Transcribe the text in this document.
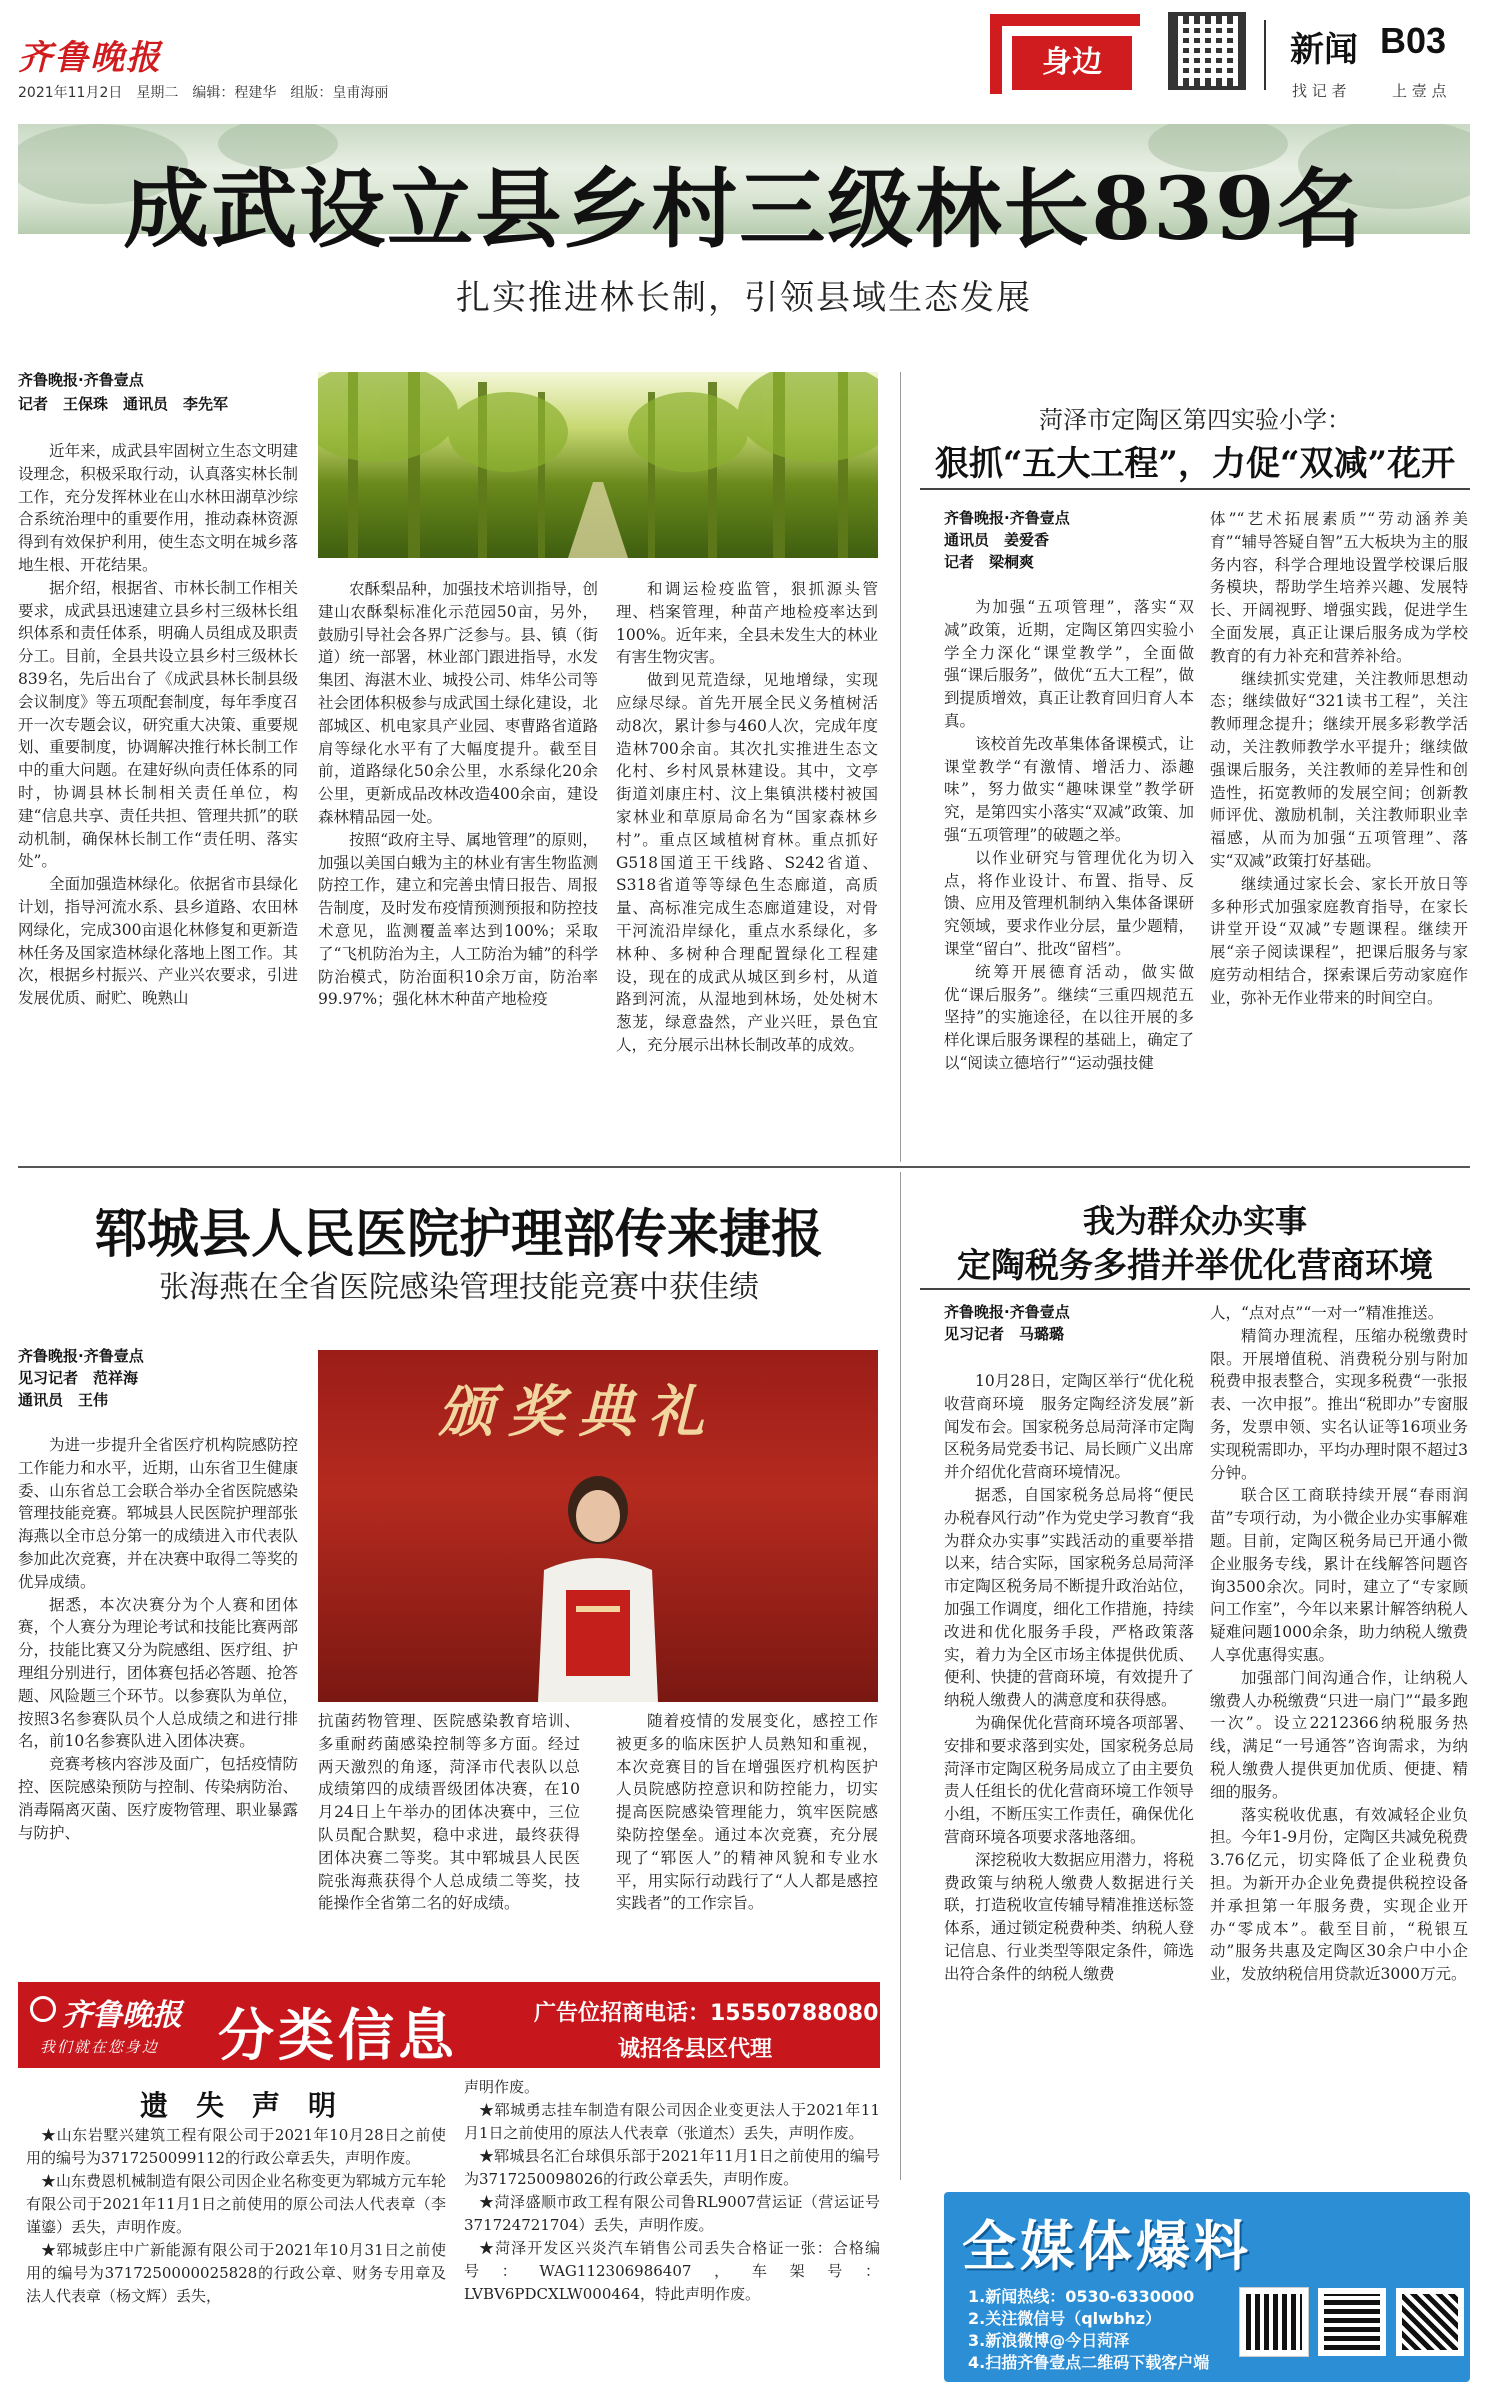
齐鲁晚报
2021年11月2日　星期二　编辑：程建华　组版：皇甫海丽
身边	新闻 B03
找 记 者	上 壹 点
成武设立县乡村三级林长839名
扎实推进林长制，引领县域生态发展
齐鲁晚报·齐鲁壹点
记者　王保珠　通讯员　李先军

近年来，成武县牢固树立生态文明建设理念，积极采取行动，认真落实林长制工作，充分发挥林业在山水林田湖草沙综合系统治理中的重要作用，推动森林资源得到有效保护利用，使生态文明在城乡落地生根、开花结果。

据介绍，根据省、市林长制工作相关要求，成武县迅速建立县乡村三级林长组织体系和责任体系，明确人员组成及职责分工。目前，全县共设立县乡村三级林长839名，先后出台了《成武县林长制县级会议制度》等五项配套制度，每年季度召开一次专题会议，研究重大决策、重要规划、重要制度，协调解决推行林长制工作中的重大问题。在建好纵向责任体系的同时，协调县林长制相关责任单位，构建“信息共享、责任共担、管理共抓”的联动机制，确保林长制工作“责任明、落实处”。

全面加强造林绿化。依据省市县绿化计划，指导河流水系、县乡道路、农田林网绿化，完成300亩退化林修复和更新造林任务及国家造林绿化落地上图工作。其次，根据乡村振兴、产业兴农要求，引进发展优质、耐贮、晚熟山

农酥梨品种，加强技术培训指导，创建山农酥梨标准化示范园50亩，另外，鼓励引导社会各界广泛参与。县、镇（街道）统一部署，林业部门跟进指导，水发集团、海湛木业、城投公司、炜华公司等社会团体积极参与成武国土绿化建设，北部城区、机电家具产业园、枣曹路省道路肩等绿化水平有了大幅度提升。截至目前，道路绿化50余公里，水系绿化20余公里，更新成品改林改造400余亩，建设森林精品园一处。

按照“政府主导、属地管理”的原则，加强以美国白蛾为主的林业有害生物监测防控工作，建立和完善虫情日报告、周报告制度，及时发布疫情预测预报和防控技术意见，监测覆盖率达到100%；采取了“飞机防治为主，人工防治为辅”的科学防治模式，防治面积10余万亩，防治率99.97%；强化林木种苗产地检疫

和调运检疫监管，狠抓源头管理、档案管理，种苗产地检疫率达到100%。近年来，全县未发生大的林业有害生物灾害。

做到见荒造绿，见地增绿，实现应绿尽绿。首先开展全民义务植树活动8次，累计参与460人次，完成年度造林700余亩。其次扎实推进生态文化村、乡村风景林建设。其中，文亭街道刘康庄村、汶上集镇洪楼村被国家林业和草原局命名为“国家森林乡村”。重点区域植树育林。重点抓好G518国道王干线路、S242省道、S318省道等等绿色生态廊道，高质量、高标准完成生态廊道建设，对骨干河流沿岸绿化，重点水系绿化，多林种、多树种合理配置绿化工程建设，现在的成武从城区到乡村，从道路到河流，从湿地到林场，处处树木葱茏，绿意盎然，产业兴旺，景色宜人，充分展示出林长制改革的成效。

菏泽市定陶区第四实验小学：
狠抓“五大工程”，力促“双减”花开
齐鲁晚报·齐鲁壹点
通讯员　姜爱香
记者　梁桐爽

为加强“五项管理”，落实“双减”政策，近期，定陶区第四实验小学全力深化“课堂教学”，全面做强“课后服务”，做优“五大工程”，做到提质增效，真正让教育回归育人本真。

该校首先改革集体备课模式，让课堂教学“有激情、增活力、添趣味”，努力做实“趣味课堂”教学研究，是第四实小落实“双减”政策、加强“五项管理”的破题之举。

以作业研究与管理优化为切入点，将作业设计、布置、指导、反馈、应用及管理机制纳入集体备课研究领域，要求作业分层，量少题精，课堂“留白”、批改“留档”。

统筹开展德育活动，做实做优“课后服务”。继续“三重四规范五坚持”的实施途径，在以往开展的多样化课后服务课程的基础上，确定了以“阅读立德培行”“运动强技健

体”“艺术拓展素质”“劳动涵养美育”“辅导答疑自智”五大板块为主的服务内容，科学合理地设置学校课后服务模块，帮助学生培养兴趣、发展特长、开阔视野、增强实践，促进学生全面发展，真正让课后服务成为学校教育的有力补充和营养补给。

继续抓实党建，关注教师思想动态；继续做好“321读书工程”，关注教师理念提升；继续开展多彩教学活动，关注教师教学水平提升；继续做强课后服务，关注教师的差异性和创造性，拓宽教师的发展空间；创新教师评优、激励机制，关注教师职业幸福感，从而为加强“五项管理”、落实“双减”政策打好基础。

继续通过家长会、家长开放日等多种形式加强家庭教育指导，在家长讲堂开设“双减”专题课程。继续开展“亲子阅读课程”，把课后服务与家庭劳动相结合，探索课后劳动家庭作业，弥补无作业带来的时间空白。

郓城县人民医院护理部传来捷报
张海燕在全省医院感染管理技能竞赛中获佳绩
齐鲁晚报·齐鲁壹点
见习记者　范祥海
通讯员　王伟	颁奖典礼

为进一步提升全省医疗机构院感防控工作能力和水平，近期，山东省卫生健康委、山东省总工会联合举办全省医院感染管理技能竞赛。郓城县人民医院护理部张海燕以全市总分第一的成绩进入市代表队参加此次竞赛，并在决赛中取得二等奖的优异成绩。

据悉，本次决赛分为个人赛和团体赛，个人赛分为理论考试和技能比赛两部分，技能比赛又分为院感组、医疗组、护理组分别进行，团体赛包括必答题、抢答题、风险题三个环节。以参赛队为单位，按照3名参赛队员个人总成绩之和进行排名，前10名参赛队进入团体决赛。

竞赛考核内容涉及面广，包括疫情防控、医院感染预防与控制、传染病防治、消毒隔离灭菌、医疗废物管理、职业暴露与防护、

抗菌药物管理、医院感染教育培训、多重耐药菌感染控制等多方面。经过两天激烈的角逐，菏泽市代表队以总成绩第四的成绩晋级团体决赛，在10月24日上午举办的团体决赛中，三位队员配合默契，稳中求进，最终获得团体决赛二等奖。其中郓城县人民医院张海燕获得个人总成绩二等奖，技能操作全省第二名的好成绩。

随着疫情的发展变化，感控工作被更多的临床医护人员熟知和重视，本次竞赛目的旨在增强医疗机构医护人员院感防控意识和防控能力，切实提高医院感染管理能力，筑牢医院感染防控堡垒。通过本次竞赛，充分展现了“郓医人”的精神风貌和专业水平，用实际行动践行了“人人都是感控实践者”的工作宗旨。

我为群众办实事
定陶税务多措并举优化营商环境
齐鲁晚报·齐鲁壹点
见习记者　马璐璐

10月28日，定陶区举行“优化税收营商环境　服务定陶经济发展”新闻发布会。国家税务总局菏泽市定陶区税务局党委书记、局长顾广义出席并介绍优化营商环境情况。

据悉，自国家税务总局将“便民办税春风行动”作为党史学习教育“我为群众办实事”实践活动的重要举措以来，结合实际，国家税务总局菏泽市定陶区税务局不断提升政治站位，加强工作调度，细化工作措施，持续改进和优化服务手段，严格政策落实，着力为全区市场主体提供优质、便利、快捷的营商环境，有效提升了纳税人缴费人的满意度和获得感。

为确保优化营商环境各项部署、安排和要求落到实处，国家税务总局菏泽市定陶区税务局成立了由主要负责人任组长的优化营商环境工作领导小组，不断压实工作责任，确保优化营商环境各项要求落地落细。

深挖税收大数据应用潜力，将税费政策与纳税人缴费人数据进行关联，打造税收宣传辅导精准推送标签体系，通过锁定税费种类、纳税人登记信息、行业类型等限定条件，筛选出符合条件的纳税人缴费

人，“点对点”“一对一”精准推送。

精简办理流程，压缩办税缴费时限。开展增值税、消费税分别与附加税费申报表整合，实现多税费“一张报表、一次申报”。推出“税即办”专窗服务，发票申领、实名认证等16项业务实现税需即办，平均办理时限不超过3分钟。

联合区工商联持续开展“春雨润苗”专项行动，为小微企业办实事解难题。目前，定陶区税务局已开通小微企业服务专线，累计在线解答问题咨询3500余次。同时，建立了“专家顾问工作室”，今年以来累计解答纳税人疑难问题1000余条，助力纳税人缴费人享优惠得实惠。

加强部门间沟通合作，让纳税人缴费人办税缴费“只进一扇门”“最多跑一次”。设立2212366纳税服务热线，满足“一号通答”咨询需求，为纳税人缴费人提供更加优质、便捷、精细的服务。

落实税收优惠，有效减轻企业负担。今年1-9月份，定陶区共减免税费3.76亿元，切实降低了企业税费负担。为新开办企业免费提供税控设备并承担第一年服务费，实现企业开办“零成本”。截至目前，“税银互动”服务共惠及定陶区30余户中小企业，发放纳税信用贷款近3000万元。

齐鲁晚报
我们就在您身边 分类信息	广告位招商电话：15550788080
诚招各县区代理
遗　失　声　明

★山东岩墅兴建筑工程有限公司于2021年10月28日之前使用的编号为3717250099112的行政公章丢失，声明作废。

★山东费恩机械制造有限公司因企业名称变更为郓城方元车轮有限公司于2021年11月1日之前使用的原公司法人代表章（李谨鎏）丢失，声明作废。

★郓城彭庄中广新能源有限公司于2021年10月31日之前使用的编号为3717250000025828的行政公章、财务专用章及法人代表章（杨文辉）丢失，

声明作废。

★郓城勇志挂车制造有限公司因企业变更法人于2021年11月1日之前使用的原法人代表章（张道杰）丢失，声明作废。

★郓城县名汇台球俱乐部于2021年11月1日之前使用的编号为3717250098026的行政公章丢失，声明作废。

★菏泽盛顺市政工程有限公司鲁RL9007营运证（营运证号371724721704）丢失，声明作废。

★菏泽开发区兴炎汽车销售公司丢失合格证一张：合格编号：WAG112306986407，车架号：LVBV6PDCXLW000464，特此声明作废。

全媒体爆料
1.新闻热线：0530-6330000
2.关注微信号（qlwbhz）
3.新浪微博@今日菏泽
4.扫描齐鲁壹点二维码下载客户端
